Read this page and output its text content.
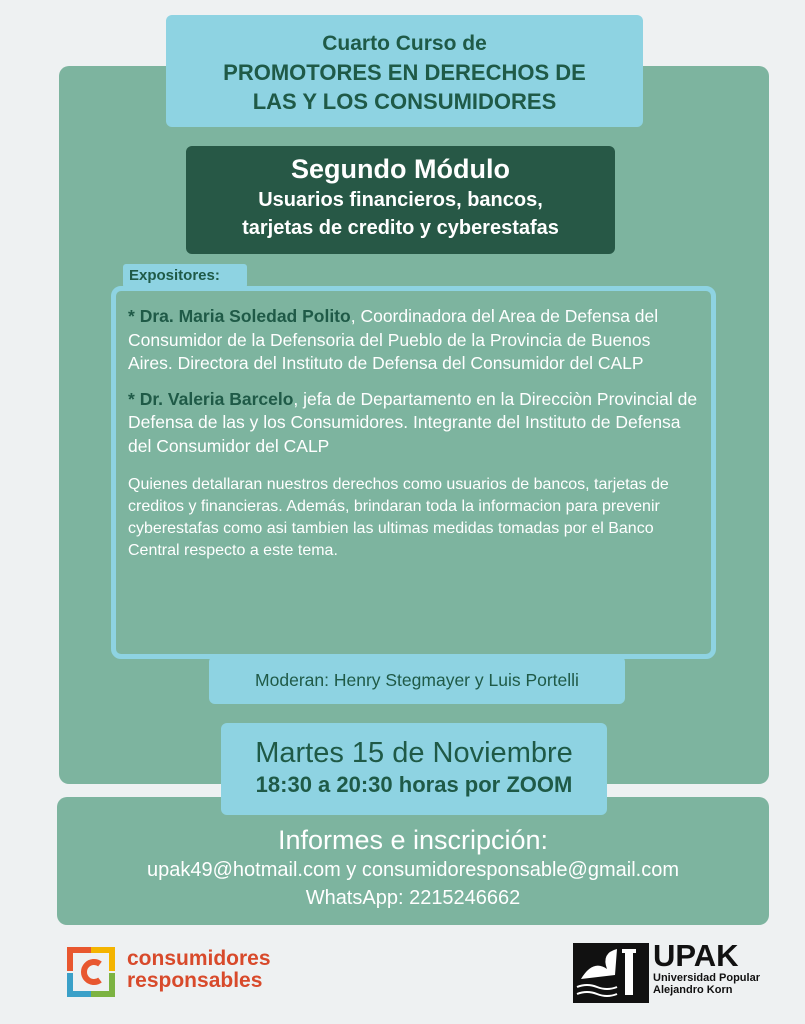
Cuarto Curso de
PROMOTORES EN DERECHOS DE
LAS Y LOS CONSUMIDORES
Segundo Módulo
Usuarios financieros, bancos,
tarjetas de credito y cyberestafas
* Dra. Maria Soledad Polito, Coordinadora del Area de Defensa del Consumidor de la Defensoria del Pueblo de la Provincia de Buenos Aires. Directora del Instituto de Defensa del Consumidor del CALP
* Dr. Valeria Barcelo, jefa de Departamento en la Direcciòn Provincial de Defensa de las y los Consumidores. Integrante del Instituto de Defensa del Consumidor del CALP
Quienes detallaran nuestros derechos como usuarios de bancos, tarjetas de creditos y financieras. Además, brindaran toda la informacion para prevenir cyberestafas como asi tambien las ultimas medidas tomadas por el Banco Central respecto a este tema.
Expositores:
Moderan: Henry Stegmayer y Luis Portelli
Martes 15 de Noviembre
18:30 a 20:30 horas por ZOOM
Informes e inscripción:
upak49@hotmail.com y consumidoresponsable@gmail.com
WhatsApp: 2215246662
consumidores
responsables
UPAK
Universidad Popular
Alejandro Korn
